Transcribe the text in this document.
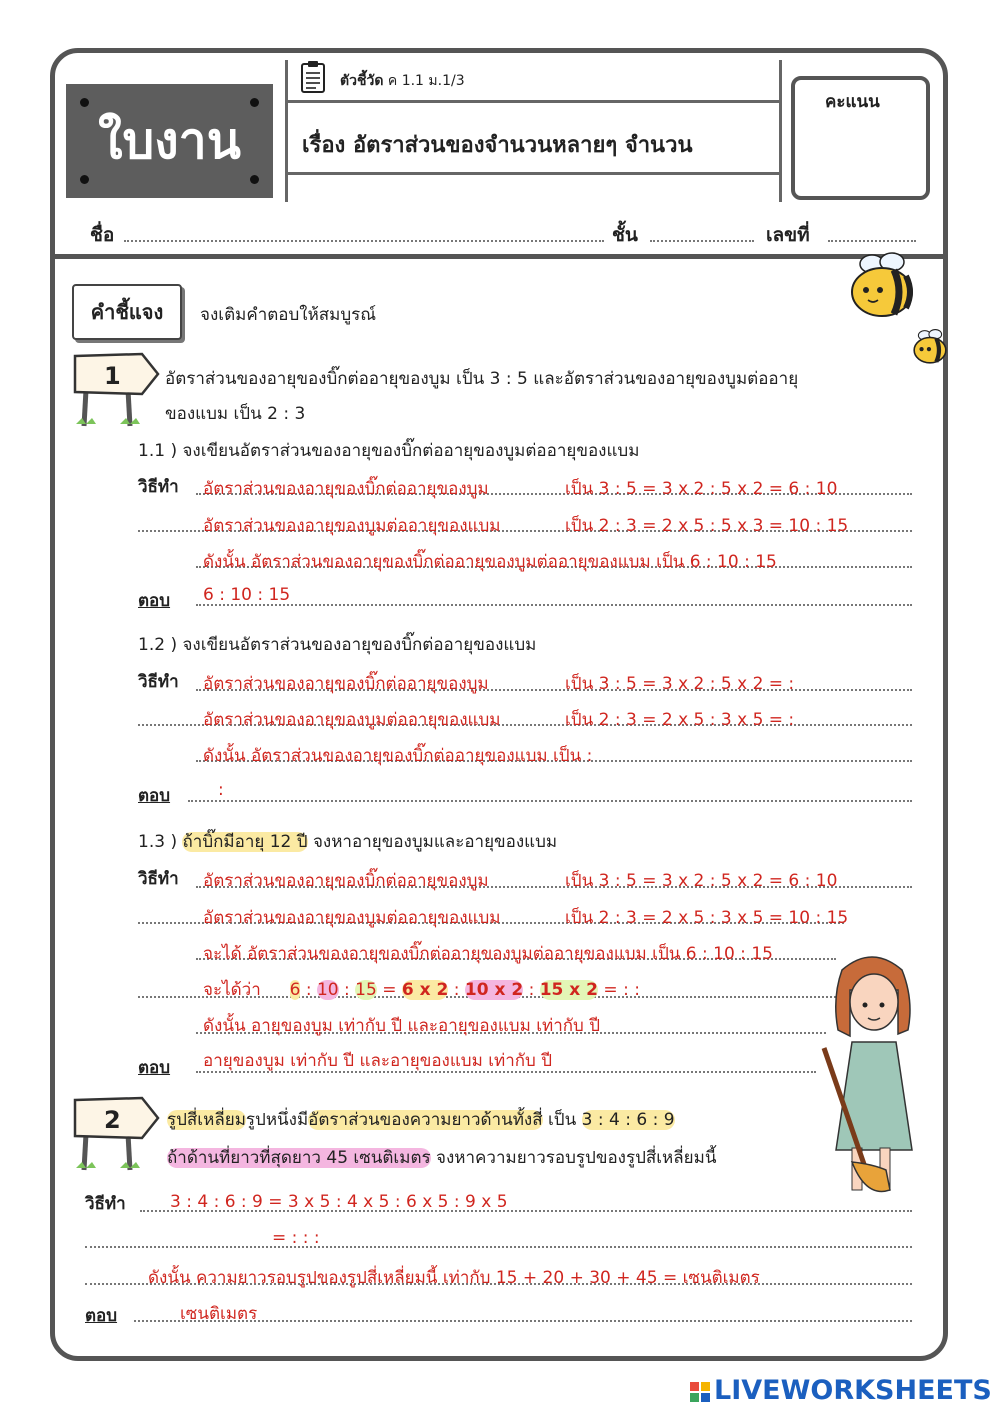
ใบงาน
ตัวชี้วัด ค 1.1 ม.1/3
เรื่อง อัตราส่วนของจำนวนหลายๆ จำนวน
คะแนน
ชื่อ	ชั้น	เลขที่
คำชี้แจง	จงเติมคำตอบให้สมบูรณ์
1	อัตราส่วนของอายุของบิ๊กต่ออายุของบูม เป็น 3 : 5 และอัตราส่วนของอายุของบูมต่ออายุ
ของแบม เป็น 2 : 3
1.1 ) จงเขียนอัตราส่วนของอายุของบิ๊กต่ออายุของบูมต่ออายุของแบม
วิธีทำ อัตราส่วนของอายุของบิ๊กต่ออายุของบูม	เป็น 3 : 5 = 3 x 2 : 5 x 2 = 6 : 10
อัตราส่วนของอายุของบูมต่ออายุของแบม	เป็น 2 : 3 = 2 x 5 : 5 x 3 = 10 : 15
ดังนั้น อัตราส่วนของอายุของบิ๊กต่ออายุของบูมต่ออายุของแบม เป็น 6 : 10 : 15
ตอบ 6 : 10 : 15
1.2 ) จงเขียนอัตราส่วนของอายุของบิ๊กต่ออายุของแบม
วิธีทำ อัตราส่วนของอายุของบิ๊กต่ออายุของบูม	เป็น 3 : 5 = 3 x 2 : 5 x 2 = :
อัตราส่วนของอายุของบูมต่ออายุของแบม	เป็น 2 : 3 = 2 x 5 : 3 x 5 = :
ดังนั้น อัตราส่วนของอายุของบิ๊กต่ออายุของแบม เป็น :
ตอบ	:
1.3 ) ถ้าบิ๊กมีอายุ 12 ปี จงหาอายุของบูมและอายุของแบม
วิธีทำ อัตราส่วนของอายุของบิ๊กต่ออายุของบูม	เป็น 3 : 5 = 3 x 2 : 5 x 2 = 6 : 10
อัตราส่วนของอายุของบูมต่ออายุของแบม	เป็น 2 : 3 = 2 x 5 : 3 x 5 = 10 : 15
จะได้ อัตราส่วนของอายุของบิ๊กต่ออายุของบูมต่ออายุของแบม เป็น 6 : 10 : 15
จะได้ว่า 6 : 10 : 15 = 6 x 2 : 10 x 2 : 15 x 2 = : :
ดังนั้น อายุของบูม เท่ากับ ปี และอายุของแบม เท่ากับ ปี
ตอบ อายุของบูม เท่ากับ ปี และอายุของแบม เท่ากับ ปี
2	รูปสี่เหลี่ยมรูปหนึ่งมีอัตราส่วนของความยาวด้านทั้งสี่ เป็น 3 : 4 : 6 : 9
ถ้าด้านที่ยาวที่สุดยาว 45 เซนติเมตร จงหาความยาวรอบรูปของรูปสี่เหลี่ยมนี้
วิธีทำ	3 : 4 : 6 : 9 = 3 x 5 : 4 x 5 : 6 x 5 : 9 x 5
= : : :
ดังนั้น ความยาวรอบรูปของรูปสี่เหลี่ยมนี้ เท่ากับ 15 + 20 + 30 + 45 = เซนติเมตร
ตอบ	เซนติเมตร
LIVEWORKSHEETS
